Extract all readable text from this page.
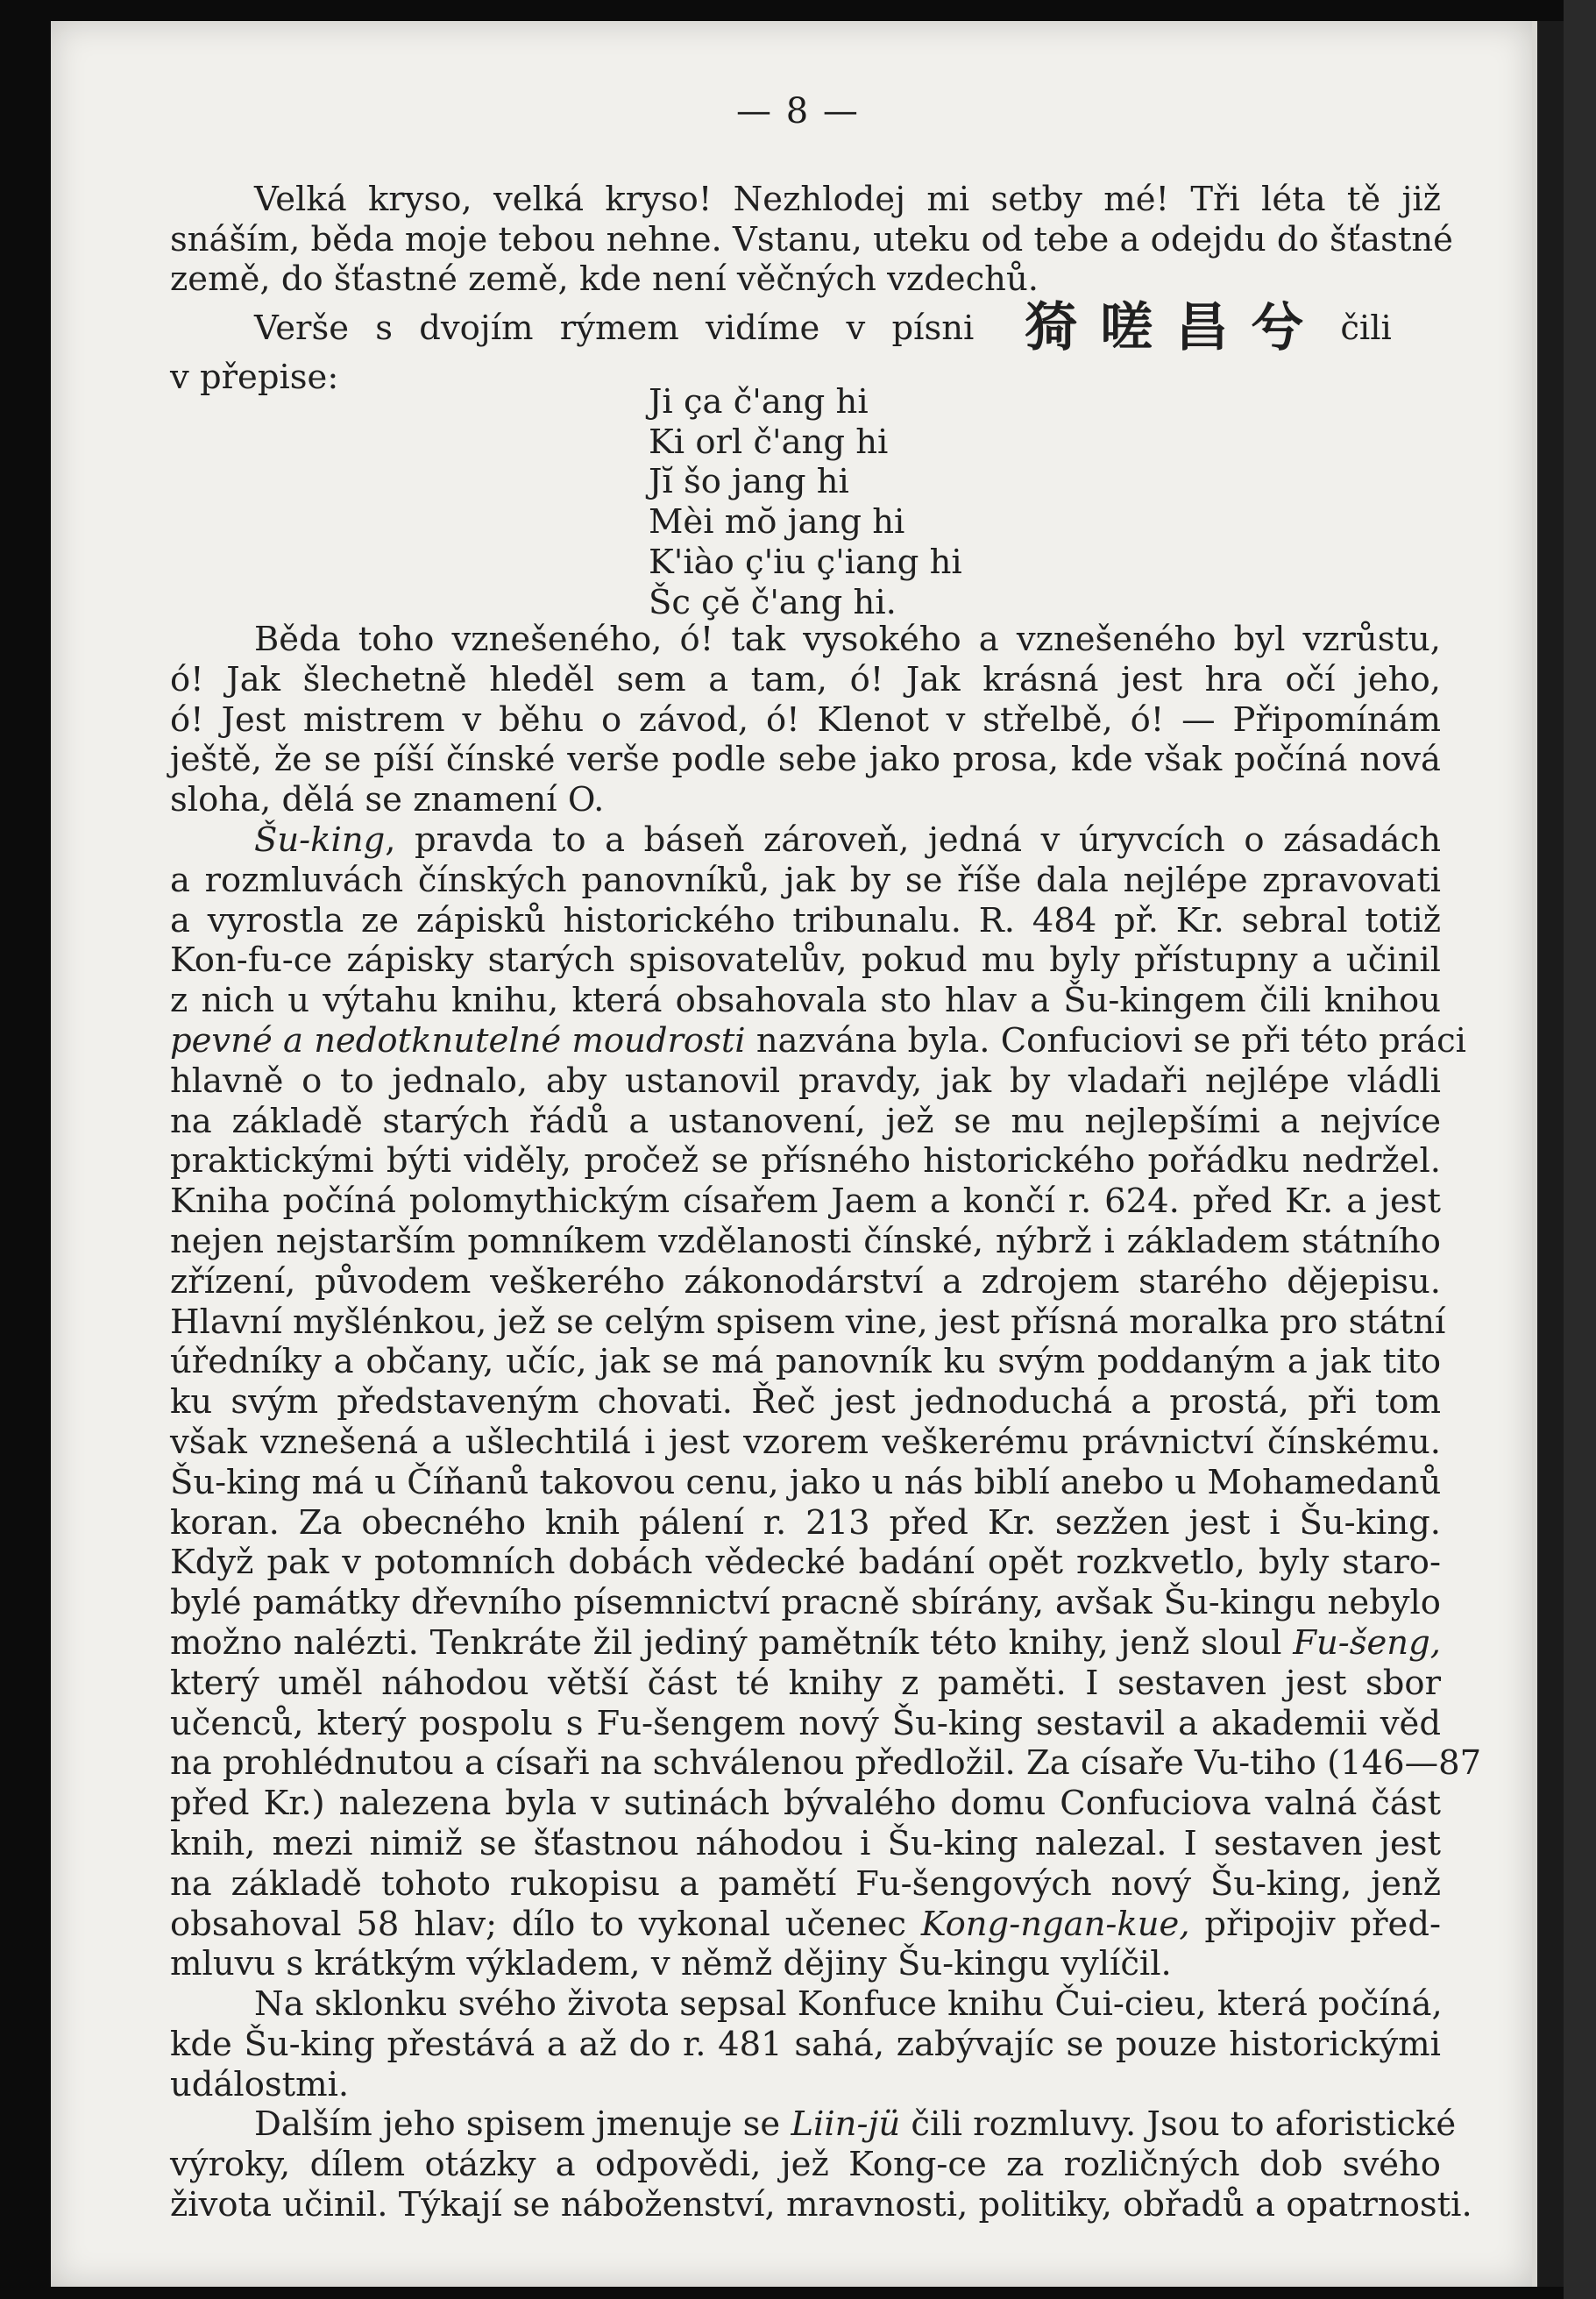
— 8 —
Velká kryso, velká kryso! Nezhlodej mi setby mé! Tři léta tě již
snáším, běda moje tebou nehne. Vstanu, uteku od tebe a odejdu do šťastné
země, do šťastné země, kde není věčných vzdechů.
Verše s dvojím rýmem vidíme v písni 猗嗟昌兮 čili
v přepise:
Ji ça č'ang hi
Ki orl č'ang hi
Jĭ šo jang hi
Mèi mŏ jang hi
K'iào ç'iu ç'iang hi
Šc çĕ č'ang hi.
Běda toho vznešeného, ó! tak vysokého a vznešeného byl vzrůstu,
ó! Jak šlechetně hleděl sem a tam, ó! Jak krásná jest hra očí jeho,
ó! Jest mistrem v běhu o závod, ó! Klenot v střelbě, ó! — Připomínám
ještě, že se píší čínské verše podle sebe jako prosa, kde však počíná nová
sloha, dělá se znamení O.
Šu-king, pravda to a báseň zároveň, jedná v úryvcích o zásadách
a rozmluvách čínských panovníků, jak by se říše dala nejlépe zpravovati
a vyrostla ze zápisků historického tribunalu. R. 484 př. Kr. sebral totiž
Kon-fu-ce zápisky starých spisovatelův, pokud mu byly přístupny a učinil
z nich u výtahu knihu, která obsahovala sto hlav a Šu-kingem čili knihou
pevné a nedotknutelné moudrosti nazvána byla. Confuciovi se při této práci
hlavně o to jednalo, aby ustanovil pravdy, jak by vladaři nejlépe vládli
na základě starých řádů a ustanovení, jež se mu nejlepšími a nejvíce
praktickými býti viděly, pročež se přísného historického pořádku nedržel.
Kniha počíná polomythickým císařem Jaem a končí r. 624. před Kr. a jest
nejen nejstarším pomníkem vzdělanosti čínské, nýbrž i základem státního
zřízení, původem veškerého zákonodárství a zdrojem starého dějepisu.
Hlavní myšlénkou, jež se celým spisem vine, jest přísná moralka pro státní
úředníky a občany, učíc, jak se má panovník ku svým poddaným a jak tito
ku svým představeným chovati. Řeč jest jednoduchá a prostá, při tom
však vznešená a ušlechtilá i jest vzorem veškerému právnictví čínskému.
Šu-king má u Číňanů takovou cenu, jako u nás biblí anebo u Mohamedanů
koran. Za obecného knih pálení r. 213 před Kr. sezžen jest i Šu-king.
Když pak v potomních dobách vědecké badání opět rozkvetlo, byly staro-
bylé památky dřevního písemnictví pracně sbírány, avšak Šu-kingu nebylo
možno nalézti. Tenkráte žil jediný pamětník této knihy, jenž sloul Fu-šeng,
který uměl náhodou větší část té knihy z paměti. I sestaven jest sbor
učenců, který pospolu s Fu-šengem nový Šu-king sestavil a akademii věd
na prohlédnutou a císaři na schválenou předložil. Za císaře Vu-tiho (146—87
před Kr.) nalezena byla v sutinách bývalého domu Confuciova valná část
knih, mezi nimiž se šťastnou náhodou i Šu-king nalezal. I sestaven jest
na základě tohoto rukopisu a pamětí Fu-šengových nový Šu-king, jenž
obsahoval 58 hlav; dílo to vykonal učenec Kong-ngan-kue, připojiv před-
mluvu s krátkým výkladem, v němž dějiny Šu-kingu vylíčil.
Na sklonku svého života sepsal Konfuce knihu Čui-cieu, která počíná,
kde Šu-king přestává a až do r. 481 sahá, zabývajíc se pouze historickými
událostmi.
Dalším jeho spisem jmenuje se Liin-jü čili rozmluvy. Jsou to aforistické
výroky, dílem otázky a odpovědi, jež Kong-ce za rozličných dob svého
života učinil. Týkají se náboženství, mravnosti, politiky, obřadů a opatrnosti.
